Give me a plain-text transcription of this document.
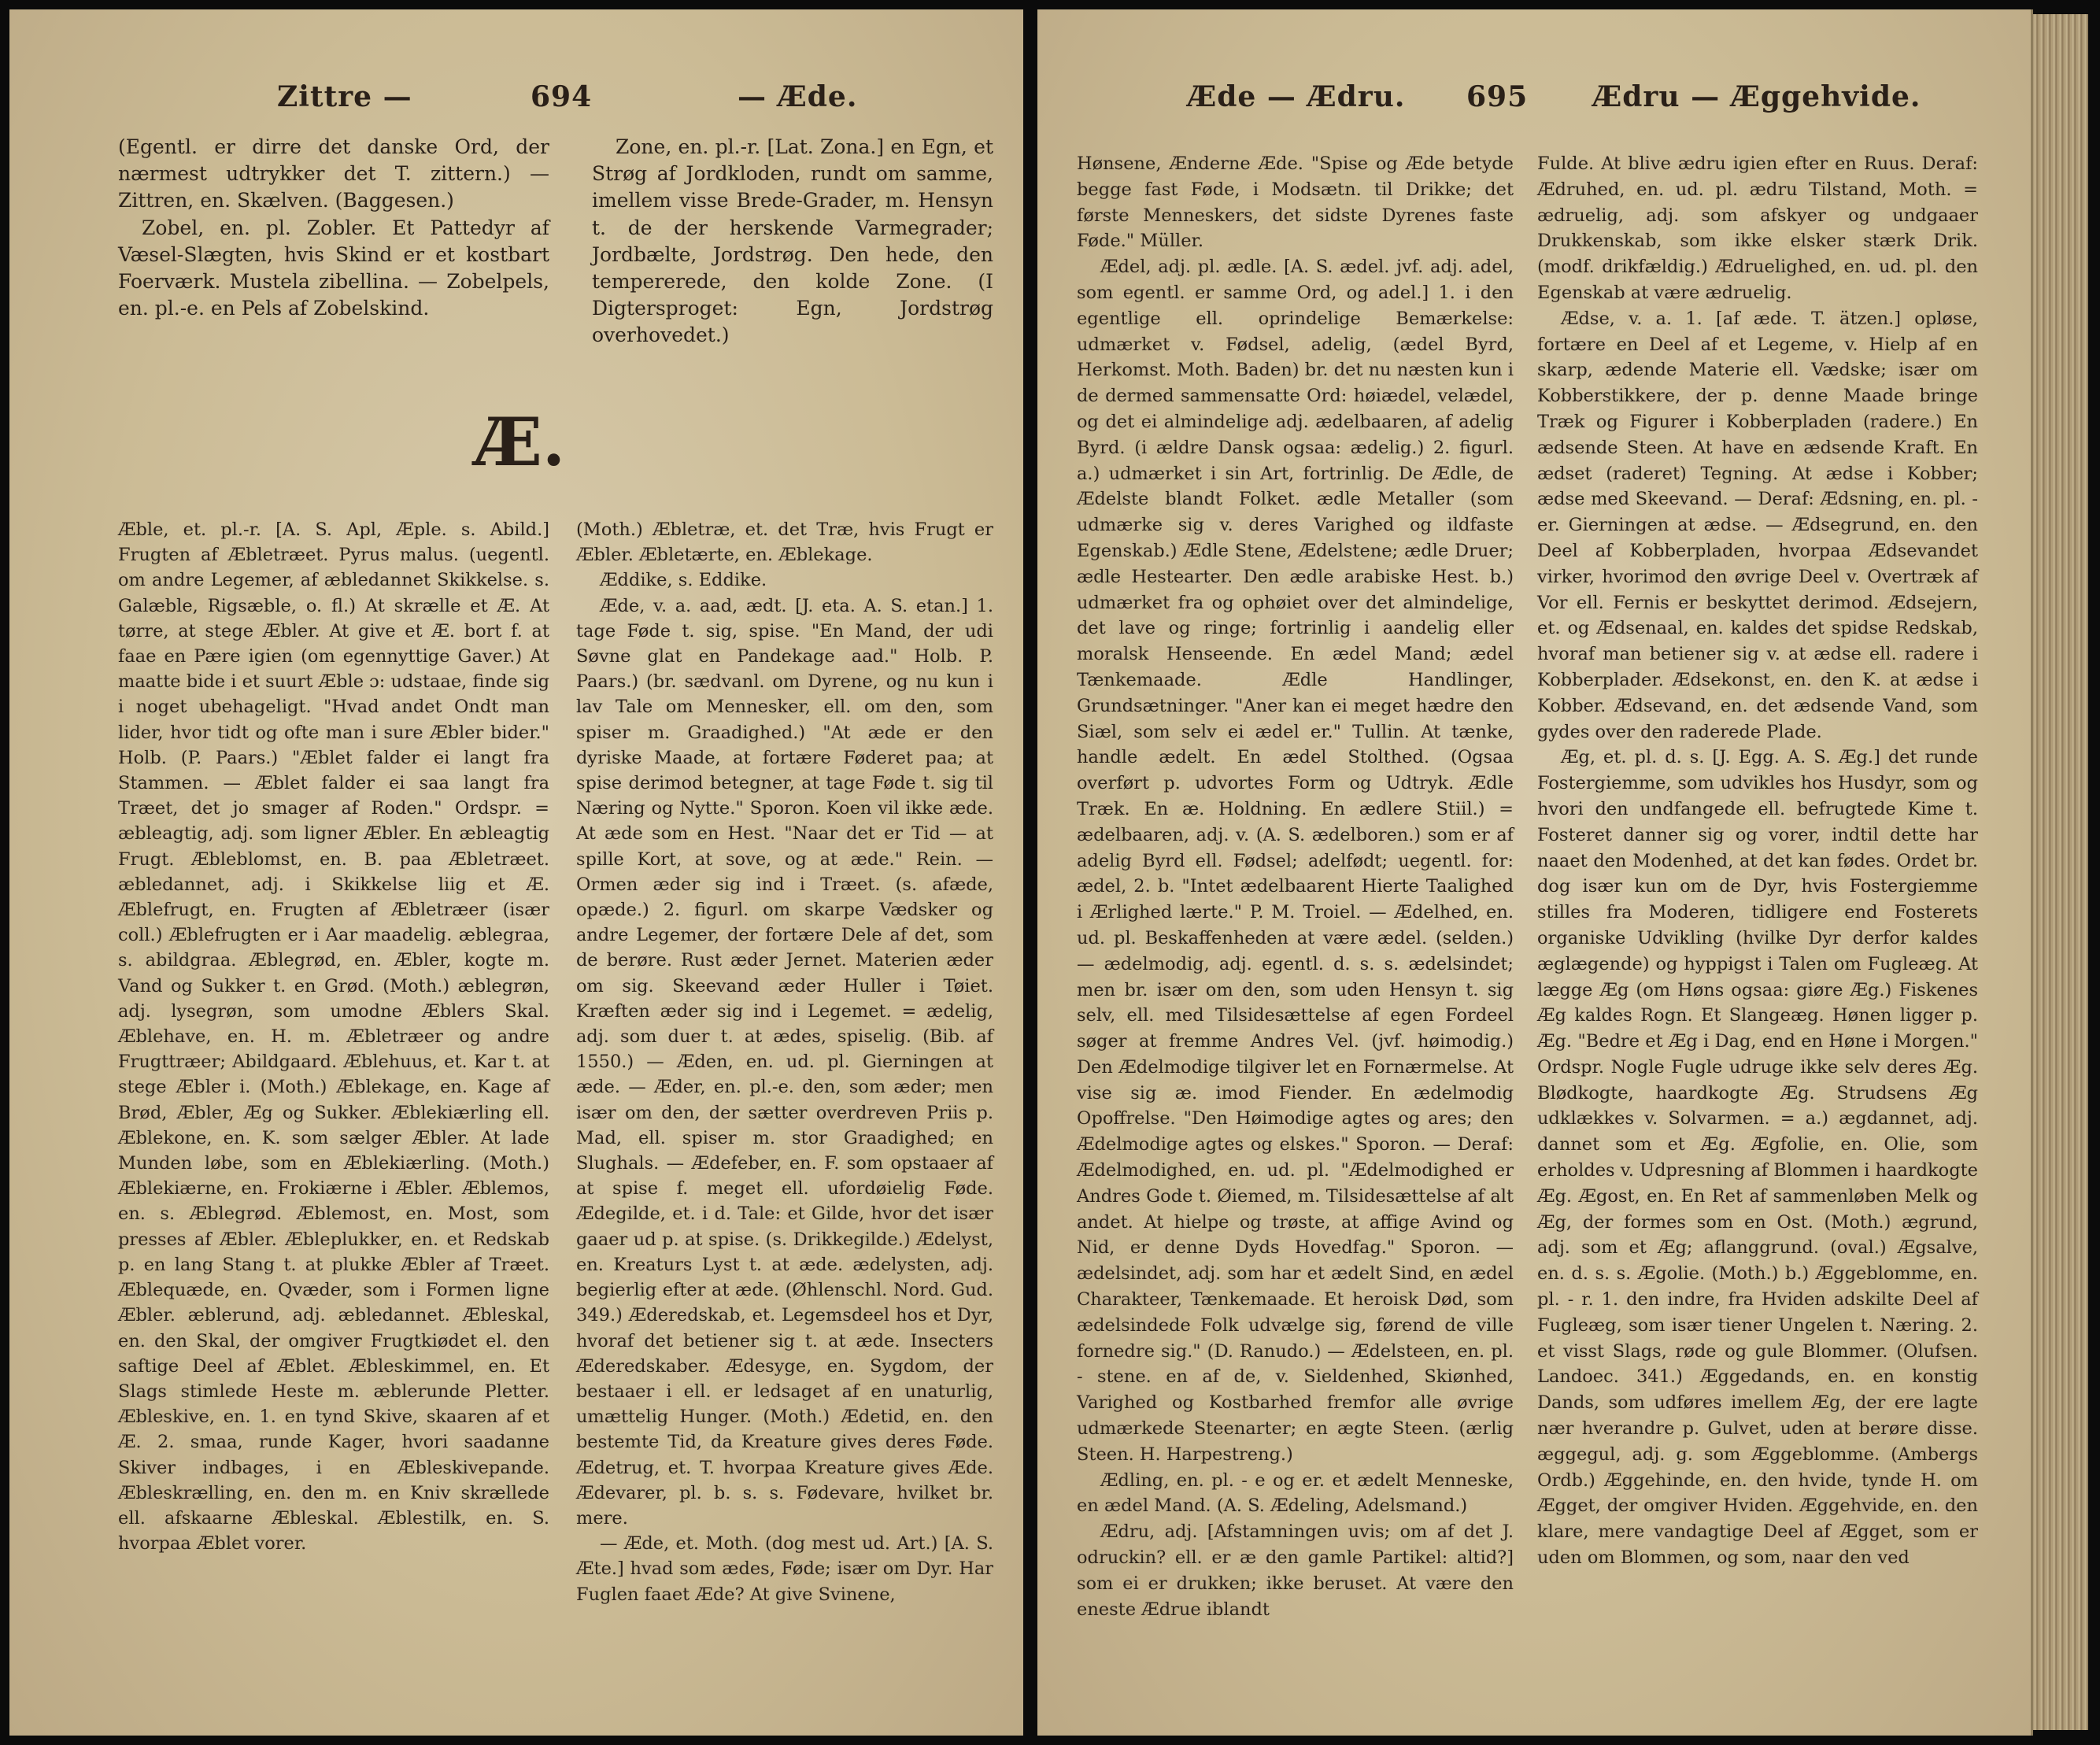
Zittre —	694	— Æde.

(Egentl. er dirre det danske Ord, der nærmest udtrykker det T. zittern.) — Zittren, en. Skælven. (Baggesen.)

Zobel, en. pl. Zobler. Et Pattedyr af Væsel-Slægten, hvis Skind er et kostbart Foerværk. Mustela zibellina. — Zobelpels, en. pl.-e. en Pels af Zobelskind.

Zone, en. pl.-r. [Lat. Zona.] en Egn, et Strøg af Jordkloden, rundt om samme, imellem visse Brede-Grader, m. Hensyn t. de der herskende Varmegrader; Jordbælte, Jordstrøg. Den hede, den tempererede, den kolde Zone. (I Digtersproget: Egn, Jordstrøg overhovedet.)

Æ.

Æble, et. pl.-r. [A. S. Apl, Æple. s. Abild.] Frugten af Æbletræet. Pyrus malus. (uegentl. om andre Legemer, af æbledannet Skikkelse. s. Galæble, Rigsæble, o. fl.) At skrælle et Æ. At tørre, at stege Æbler. At give et Æ. bort f. at faae en Pære igien (om egennyttige Gaver.) At maatte bide i et suurt Æble ɔ: udstaae, finde sig i noget ubehageligt. "Hvad andet Ondt man lider, hvor tidt og ofte man i sure Æbler bider." Holb. (P. Paars.) "Æblet falder ei langt fra Stammen. — Æblet falder ei saa langt fra Træet, det jo smager af Roden." Ordspr. = æbleagtig, adj. som ligner Æbler. En æbleagtig Frugt. Æbleblomst, en. B. paa Æbletræet. æbledannet, adj. i Skikkelse liig et Æ. Æblefrugt, en. Frugten af Æbletræer (især coll.) Æblefrugten er i Aar maadelig. æblegraa, s. abildgraa. Æblegrød, en. Æbler, kogte m. Vand og Sukker t. en Grød. (Moth.) æblegrøn, adj. lysegrøn, som umodne Æblers Skal. Æblehave, en. H. m. Æbletræer og andre Frugttræer; Abildgaard. Æblehuus, et. Kar t. at stege Æbler i. (Moth.) Æblekage, en. Kage af Brød, Æbler, Æg og Sukker. Æblekiærling ell. Æblekone, en. K. som sælger Æbler. At lade Munden løbe, som en Æblekiærling. (Moth.) Æblekiærne, en. Frokiærne i Æbler. Æblemos, en. s. Æblegrød. Æblemost, en. Most, som presses af Æbler. Æbleplukker, en. et Redskab p. en lang Stang t. at plukke Æbler af Træet. Æblequæde, en. Qvæder, som i Formen ligne Æbler. æblerund, adj. æbledannet. Æbleskal, en. den Skal, der omgiver Frugtkiødet el. den saftige Deel af Æblet. Æbleskimmel, en. Et Slags stimlede Heste m. æblerunde Pletter. Æbleskive, en. 1. en tynd Skive, skaaren af et Æ. 2. smaa, runde Kager, hvori saadanne Skiver indbages, i en Æbleskivepande. Æbleskrælling, en. den m. en Kniv skrællede ell. afskaarne Æbleskal. Æblestilk, en. S. hvorpaa Æblet vorer.

(Moth.) Æbletræ, et. det Træ, hvis Frugt er Æbler. Æbletærte, en. Æblekage.

Æddike, s. Eddike.

Æde, v. a. aad, ædt. [J. eta. A. S. etan.] 1. tage Føde t. sig, spise. "En Mand, der udi Søvne glat en Pandekage aad." Holb. P. Paars.) (br. sædvanl. om Dyrene, og nu kun i lav Tale om Mennesker, ell. om den, som spiser m. Graadighed.) "At æde er den dyriske Maade, at fortære Føderet paa; at spise derimod betegner, at tage Føde t. sig til Næring og Nytte." Sporon. Koen vil ikke æde. At æde som en Hest. "Naar det er Tid — at spille Kort, at sove, og at æde." Rein. — Ormen æder sig ind i Træet. (s. afæde, opæde.) 2. figurl. om skarpe Vædsker og andre Legemer, der fortære Dele af det, som de berøre. Rust æder Jernet. Materien æder om sig. Skeevand æder Huller i Tøiet. Kræften æder sig ind i Legemet. = ædelig, adj. som duer t. at ædes, spiselig. (Bib. af 1550.) — Æden, en. ud. pl. Gierningen at æde. — Æder, en. pl.-e. den, som æder; men især om den, der sætter overdreven Priis p. Mad, ell. spiser m. stor Graadighed; en Slughals. — Ædefeber, en. F. som opstaaer af at spise f. meget ell. ufordøielig Føde. Ædegilde, et. i d. Tale: et Gilde, hvor det især gaaer ud p. at spise. (s. Drikkegilde.) Ædelyst, en. Kreaturs Lyst t. at æde. ædelysten, adj. begierlig efter at æde. (Øhlenschl. Nord. Gud. 349.) Æderedskab, et. Legemsdeel hos et Dyr, hvoraf det betiener sig t. at æde. Insecters Æderedskaber. Ædesyge, en. Sygdom, der bestaaer i ell. er ledsaget af en unaturlig, umættelig Hunger. (Moth.) Ædetid, en. den bestemte Tid, da Kreature gives deres Føde. Ædetrug, et. T. hvorpaa Kreature gives Æde. Ædevarer, pl. b. s. s. Fødevare, hvilket br. mere.

— Æde, et. Moth. (dog mest ud. Art.) [A. S. Æte.] hvad som ædes, Føde; især om Dyr. Har Fuglen faaet Æde? At give Svinene,

Æde — Ædru. 695 Ædru — Æggehvide.

Hønsene, Ænderne Æde. "Spise og Æde betyde begge fast Føde, i Modsætn. til Drikke; det første Menneskers, det sidste Dyrenes faste Føde." Müller.

Ædel, adj. pl. ædle. [A. S. ædel. jvf. adj. adel, som egentl. er samme Ord, og adel.] 1. i den egentlige ell. oprindelige Bemærkelse: udmærket v. Fødsel, adelig, (ædel Byrd, Herkomst. Moth. Baden) br. det nu næsten kun i de dermed sammensatte Ord: høiædel, velædel, og det ei almindelige adj. ædelbaaren, af adelig Byrd. (i ældre Dansk ogsaa: ædelig.) 2. figurl. a.) udmærket i sin Art, fortrinlig. De Ædle, de Ædelste blandt Folket. ædle Metaller (som udmærke sig v. deres Varighed og ildfaste Egenskab.) Ædle Stene, Ædelstene; ædle Druer; ædle Hestearter. Den ædle arabiske Hest. b.) udmærket fra og ophøiet over det almindelige, det lave og ringe; fortrinlig i aandelig eller moralsk Henseende. En ædel Mand; ædel Tænkemaade. Ædle Handlinger, Grundsætninger. "Aner kan ei meget hædre den Siæl, som selv ei ædel er." Tullin. At tænke, handle ædelt. En ædel Stolthed. (Ogsaa overført p. udvortes Form og Udtryk. Ædle Træk. En æ. Holdning. En ædlere Stiil.) = ædelbaaren, adj. v. (A. S. ædelboren.) som er af adelig Byrd ell. Fødsel; adelfødt; uegentl. for: ædel, 2. b. "Intet ædelbaarent Hierte Taalighed i Ærlighed lærte." P. M. Troiel. — Ædelhed, en. ud. pl. Beskaffenheden at være ædel. (selden.) — ædelmodig, adj. egentl. d. s. s. ædelsindet; men br. især om den, som uden Hensyn t. sig selv, ell. med Tilsidesættelse af egen Fordeel søger at fremme Andres Vel. (jvf. høimodig.) Den Ædelmodige tilgiver let en Fornærmelse. At vise sig æ. imod Fiender. En ædelmodig Opoffrelse. "Den Høimodige agtes og ares; den Ædelmodige agtes og elskes." Sporon. — Deraf: Ædelmodighed, en. ud. pl. "Ædelmodighed er Andres Gode t. Øiemed, m. Tilsidesættelse af alt andet. At hielpe og trøste, at affige Avind og Nid, er denne Dyds Hovedfag." Sporon. — ædelsindet, adj. som har et ædelt Sind, en ædel Charakteer, Tænkemaade. Et heroisk Død, som ædelsindede Folk udvælge sig, førend de ville fornedre sig." (D. Ranudo.) — Ædelsteen, en. pl. - stene. en af de, v. Sieldenhed, Skiønhed, Varighed og Kostbarhed fremfor alle øvrige udmærkede Steenarter; en ægte Steen. (ærlig Steen. H. Harpestreng.)

Ædling, en. pl. - e og er. et ædelt Menneske, en ædel Mand. (A. S. Ædeling, Adelsmand.)

Ædru, adj. [Afstamningen uvis; om af det J. odruckin? ell. er æ den gamle Partikel: altid?] som ei er drukken; ikke beruset. At være den eneste Ædrue iblandt

Fulde. At blive ædru igien efter en Ruus. Deraf: Ædruhed, en. ud. pl. ædru Tilstand, Moth. = ædruelig, adj. som afskyer og undgaaer Drukkenskab, som ikke elsker stærk Drik. (modf. drikfældig.) Ædruelighed, en. ud. pl. den Egenskab at være ædruelig.

Ædse, v. a. 1. [af æde. T. ätzen.] opløse, fortære en Deel af et Legeme, v. Hielp af en skarp, ædende Materie ell. Vædske; især om Kobberstikkere, der p. denne Maade bringe Træk og Figurer i Kobberpladen (radere.) En ædsende Steen. At have en ædsende Kraft. En ædset (raderet) Tegning. At ædse i Kobber; ædse med Skeevand. — Deraf: Ædsning, en. pl. - er. Gierningen at ædse. — Ædsegrund, en. den Deel af Kobberpladen, hvorpaa Ædsevandet virker, hvorimod den øvrige Deel v. Overtræk af Vor ell. Fernis er beskyttet derimod. Ædsejern, et. og Ædsenaal, en. kaldes det spidse Redskab, hvoraf man betiener sig v. at ædse ell. radere i Kobberplader. Ædsekonst, en. den K. at ædse i Kobber. Ædsevand, en. det ædsende Vand, som gydes over den raderede Plade.

Æg, et. pl. d. s. [J. Egg. A. S. Æg.] det runde Fostergiemme, som udvikles hos Husdyr, som og hvori den undfangede ell. befrugtede Kime t. Fosteret danner sig og vorer, indtil dette har naaet den Modenhed, at det kan fødes. Ordet br. dog især kun om de Dyr, hvis Fostergiemme stilles fra Moderen, tidligere end Fosterets organiske Udvikling (hvilke Dyr derfor kaldes æglægende) og hyppigst i Talen om Fugleæg. At lægge Æg (om Høns ogsaa: giøre Æg.) Fiskenes Æg kaldes Rogn. Et Slangeæg. Hønen ligger p. Æg. "Bedre et Æg i Dag, end en Høne i Morgen." Ordspr. Nogle Fugle udruge ikke selv deres Æg. Blødkogte, haardkogte Æg. Strudsens Æg udklækkes v. Solvarmen. = a.) ægdannet, adj. dannet som et Æg. Ægfolie, en. Olie, som erholdes v. Udpresning af Blommen i haardkogte Æg. Ægost, en. En Ret af sammenløben Melk og Æg, der formes som en Ost. (Moth.) ægrund, adj. som et Æg; aflanggrund. (oval.) Ægsalve, en. d. s. s. Ægolie. (Moth.) b.) Æggeblomme, en. pl. - r. 1. den indre, fra Hviden adskilte Deel af Fugleæg, som især tiener Ungelen t. Næring. 2. et visst Slags, røde og gule Blommer. (Olufsen. Landoec. 341.) Æggedands, en. en konstig Dands, som udføres imellem Æg, der ere lagte nær hverandre p. Gulvet, uden at berøre disse. æggegul, adj. g. som Æggeblomme. (Ambergs Ordb.) Æggehinde, en. den hvide, tynde H. om Ægget, der omgiver Hviden. Æggehvide, en. den klare, mere vandagtige Deel af Ægget, som er uden om Blommen, og som, naar den ved
